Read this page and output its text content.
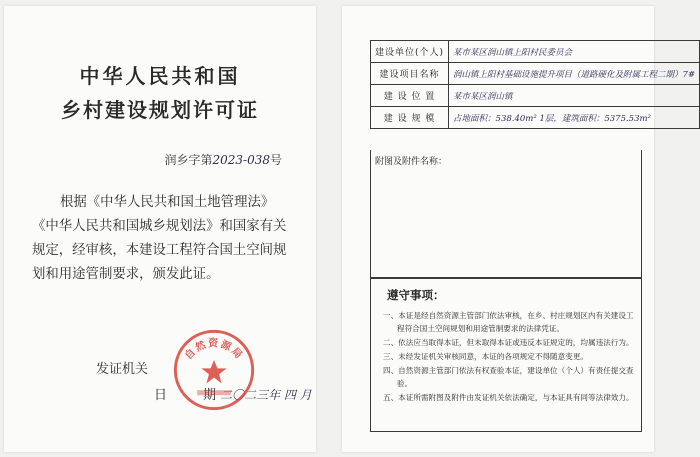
中华人民共和国
乡村建设规划许可证
润乡字第2023-038号
根据《中华人民共和国土地管理法》《中华人民共和国城乡规划法》和国家有关规定，经审核，本建设工程符合国土空间规划和用途管制要求，颁发此证。
发证机关
日	期 二〇二三年 四 月
自然资源局
建设单位(个人)	某市某区润山镇上阳村民委员会
建设项目名称	润山镇上阳村基础设施提升项目（道路硬化及附属工程二期）7#
建 设 位 置	某市某区润山镇
建 设 规 模	占地面积：538.40m² 1层，建筑面积：5375.53m²
附图及附件名称：
遵守事项：
一、本证是经自然资源主管部门依法审核，在乡、村庄规划区内有关建设工程符合国土空间规划和用途管制要求的法律凭证。
二、依法应当取得本证，但未取得本证或违反本证规定的，均属违法行为。
三、未经发证机关审核同意，本证的各项规定不得随意变更。
四、自然资源主管部门依法有权查验本证，建设单位（个人）有责任提交查验。
五、本证所需附图及附件由发证机关依法确定，与本证具有同等法律效力。
